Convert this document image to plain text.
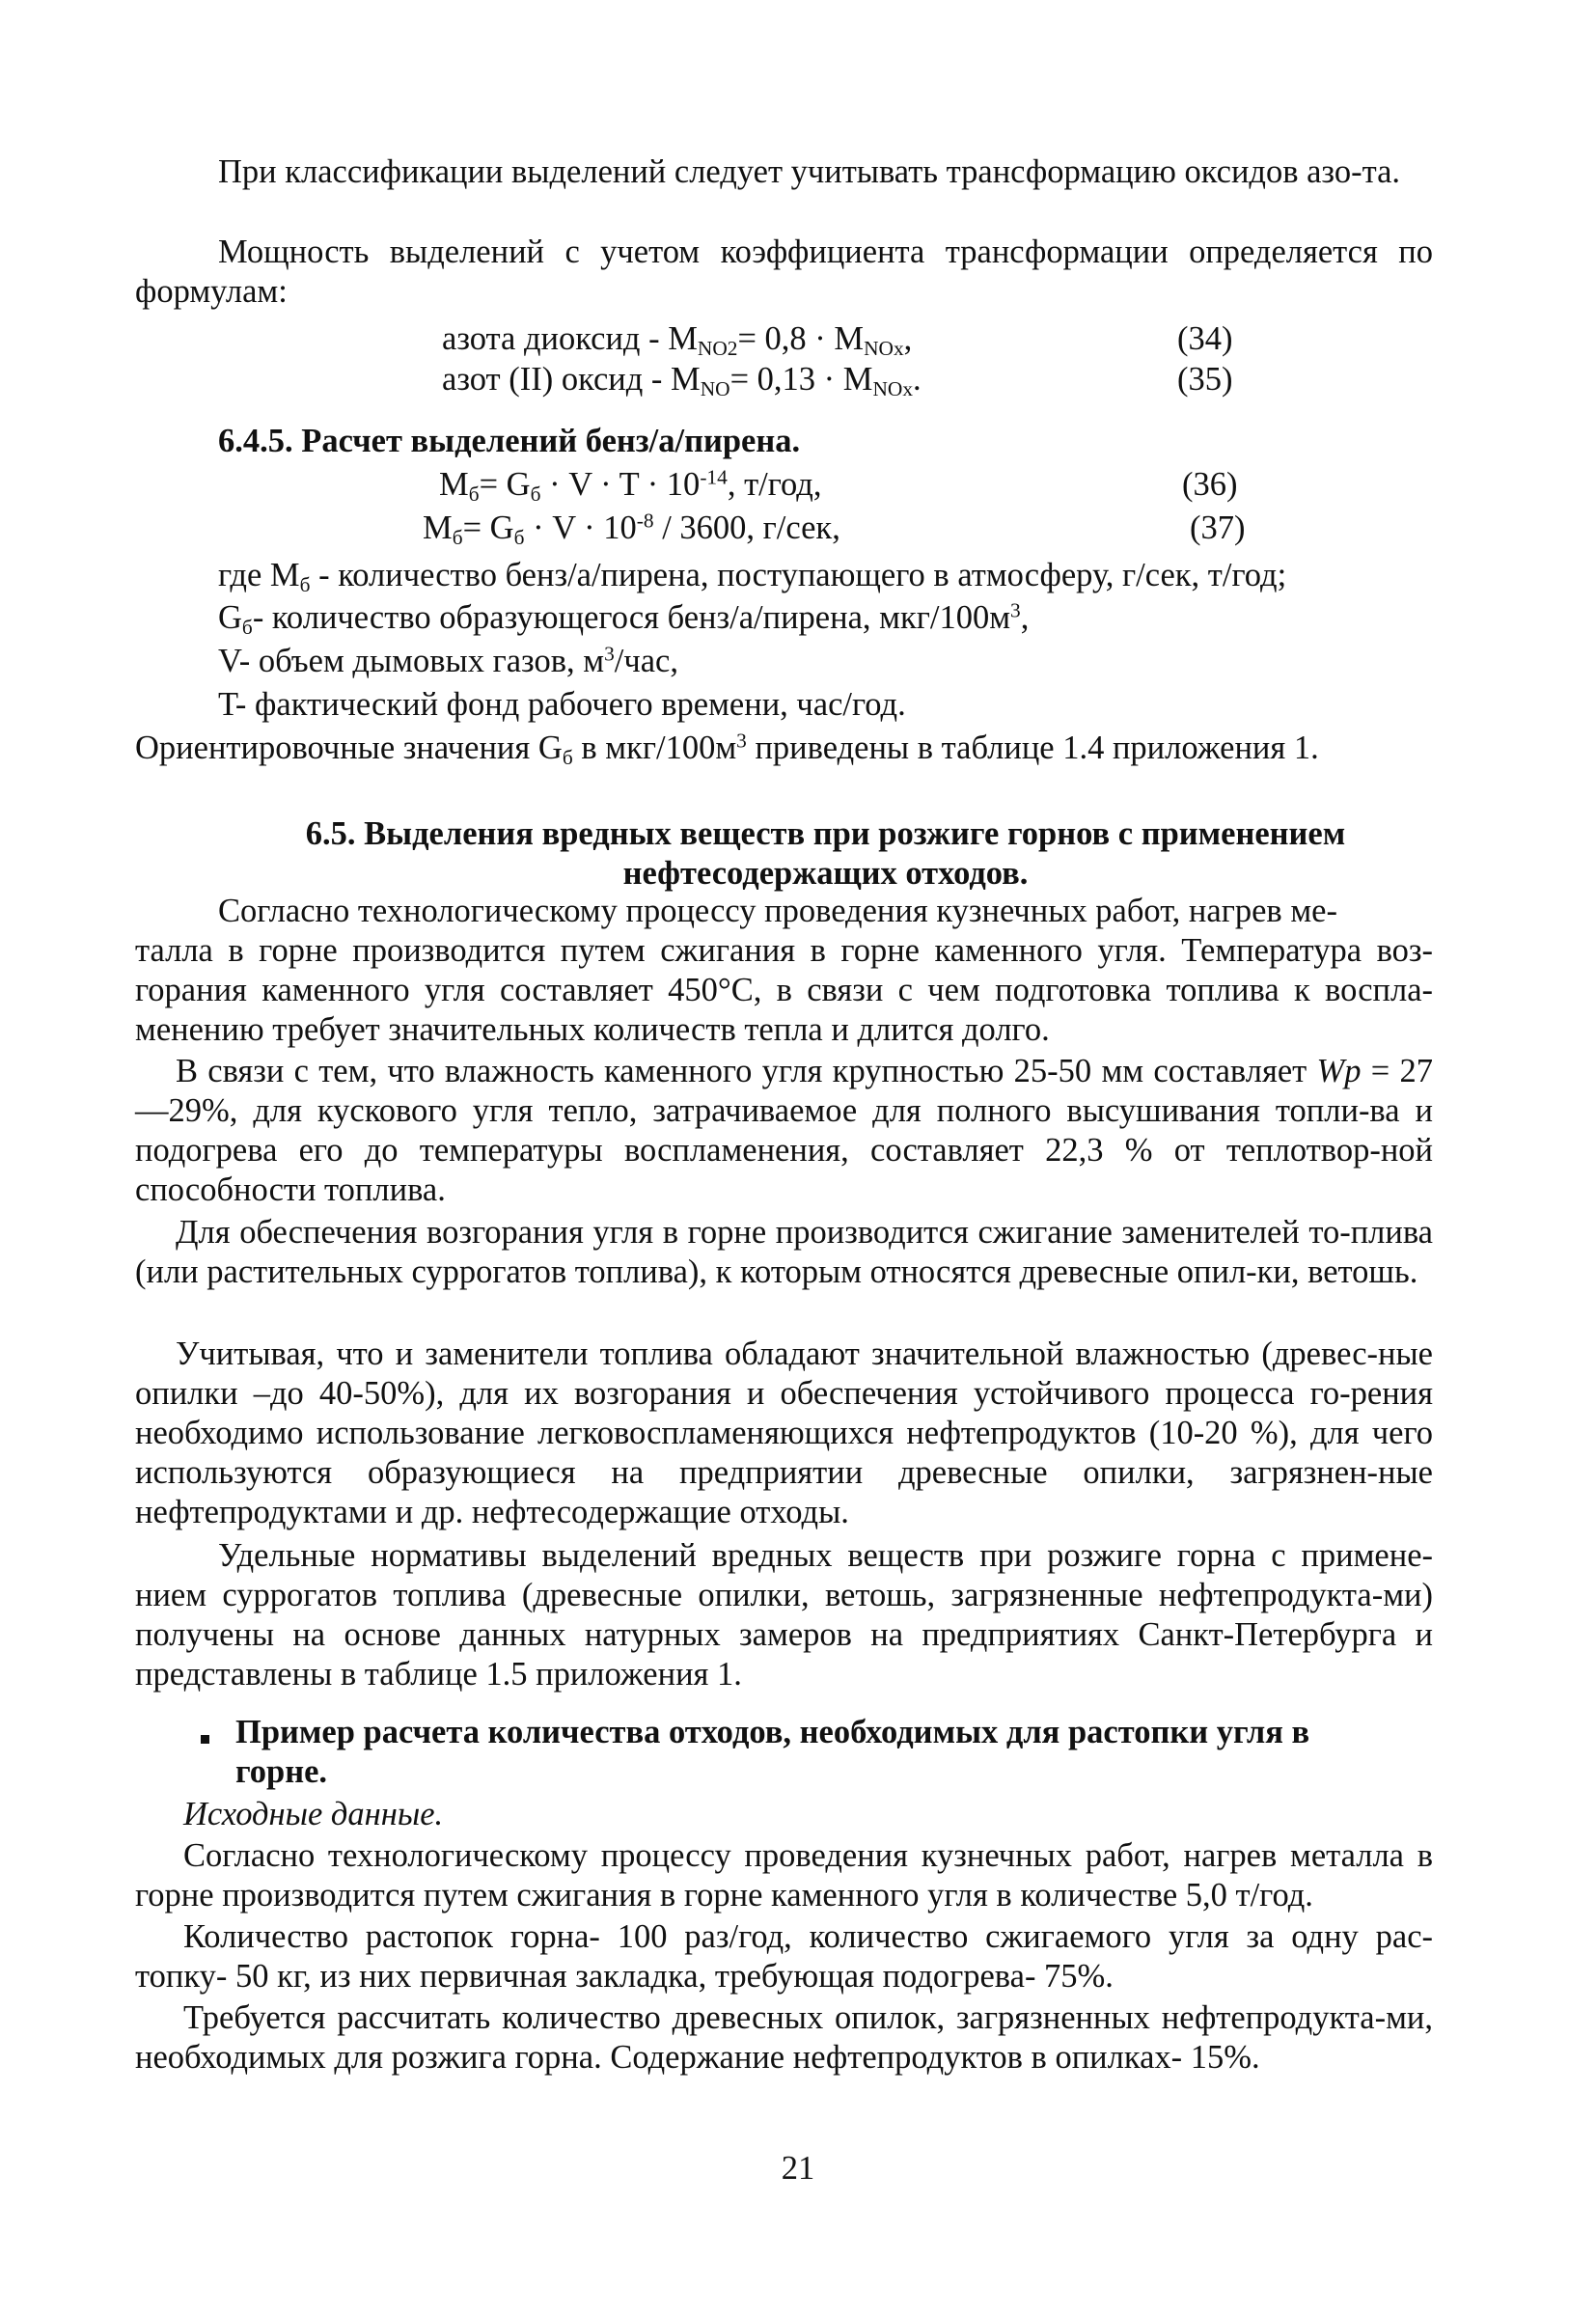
При классификации выделений следует учитывать трансформацию оксидов азо-та.
Мощность выделений с учетом коэффициента трансформации определяется по формулам:
азота диоксид - $M_{NO2}= 0,8 \cdot M_{NOx}$,	(34)
азот (II) оксид - $M_{NO}= 0,13 \cdot M_{NOx}$.	(35)
6.4.5. Расчет выделений бенз/а/пирена.
$M_б= G_б \cdot V \cdot T \cdot 10^{-14}$, т/год,	(36)
$M_б= G_б \cdot V \cdot 10^{-8} / 3600$, г/сек,	(37)
где $M_б$ - количество бенз/а/пирена, поступающего в атмосферу, г/сек, т/год;
$G_б-$ количество образующегося бенз/а/пирена, мкг/$100м^3$,
V- объем дымовых газов, $м^3$/час,
T- фактический фонд рабочего времени, час/год.
Ориентировочные значения $G_б$ в мкг/$100м^3$ приведены в таблице 1.4 приложения 1.
6.5. Выделения вредных веществ при розжиге горнов с применением
нефтесодержащих отходов.
Согласно технологическому процессу проведения кузнечных работ, нагрев ме-
талла в горне производится путем сжигания в горне каменного угля. Температура воз-горания каменного угля составляет 450°С, в связи с чем подготовка топлива к воспла-менению требует значительных количеств тепла и длится долго.
В связи с тем, что влажность каменного угля крупностью 25-50 мм составляет Wp = 27—29%, для кускового угля тепло, затрачиваемое для полного высушивания топли-ва и подогрева его до температуры воспламенения, составляет 22,3 % от теплотвор-ной способности топлива.
Для обеспечения возгорания угля в горне производится сжигание заменителей то-плива (или растительных суррогатов топлива), к которым относятся древесные опил-ки, ветошь.
Учитывая, что и заменители топлива обладают значительной влажностью (древес-ные опилки –до 40-50%), для их возгорания и обеспечения устойчивого процесса го-рения необходимо использование легковоспламеняющихся нефтепродуктов (10-20 %), для чего используются образующиеся на предприятии древесные опилки, загрязнен-ные нефтепродуктами и др. нефтесодержащие отходы.
Удельные нормативы выделений вредных веществ при розжиге горна с примене-нием суррогатов топлива (древесные опилки, ветошь, загрязненные нефтепродукта-ми) получены на основе данных натурных замеров на предприятиях Санкт-Петербурга и представлены в таблице 1.5 приложения 1.
Пример расчета количества отходов, необходимых для растопки угля в
горне.
Исходные данные.
Согласно технологическому процессу проведения кузнечных работ, нагрев металла в горне производится путем сжигания в горне каменного угля в количестве 5,0 т/год.
Количество растопок горна- 100 раз/год, количество сжигаемого угля за одну рас-топку- 50 кг, из них первичная закладка, требующая подогрева- 75%.
Требуется рассчитать количество древесных опилок, загрязненных нефтепродукта-ми, необходимых для розжига горна. Содержание нефтепродуктов в опилках- 15%.
21
